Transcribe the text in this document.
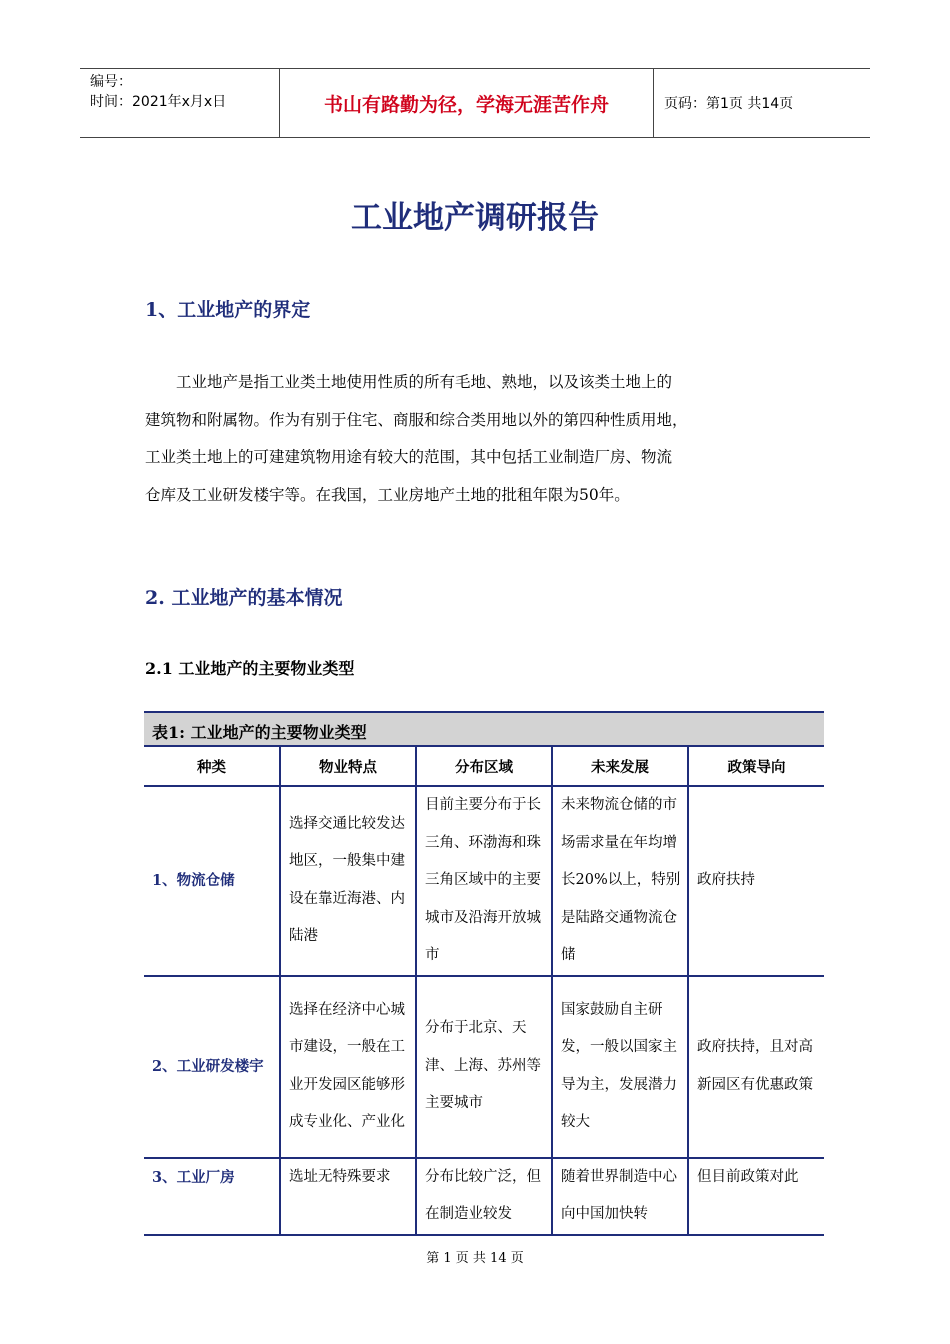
编号：
时间：2021年x月x日	书山有路勤为径，学海无涯苦作舟	页码：第1页 共14页
工业地产调研报告
1、工业地产的界定
　　工业地产是指工业类土地使用性质的所有毛地、熟地，以及该类土地上的
建筑物和附属物。作为有别于住宅、商服和综合类用地以外的第四种性质用地，
工业类土地上的可建建筑物用途有较大的范围，其中包括工业制造厂房、物流
仓库及工业研发楼宇等。在我国，工业房地产土地的批租年限为50年。
2. 工业地产的基本情况
2.1 工业地产的主要物业类型
表1: 工业地产的主要物业类型
种类	物业特点	分布区域	未来发展	政策导向
1、物流仓储	选择交通比较发达地区，一般集中建设在靠近海港、内陆港	目前主要分布于长三角、环渤海和珠三角区域中的主要城市及沿海开放城市	未来物流仓储的市场需求量在年均增长20%以上，特别是陆路交通物流仓储	政府扶持
2、工业研发楼宇	选择在经济中心城市建设，一般在工业开发园区能够形成专业化、产业化	分布于北京、天津、上海、苏州等主要城市	国家鼓励自主研发，一般以国家主导为主，发展潜力较大	政府扶持，且对高新园区有优惠政策
3、工业厂房	选址无特殊要求	分布比较广泛，但在制造业较发	随着世界制造中心向中国加快转	但目前政策对此
第 1 页 共 14 页
